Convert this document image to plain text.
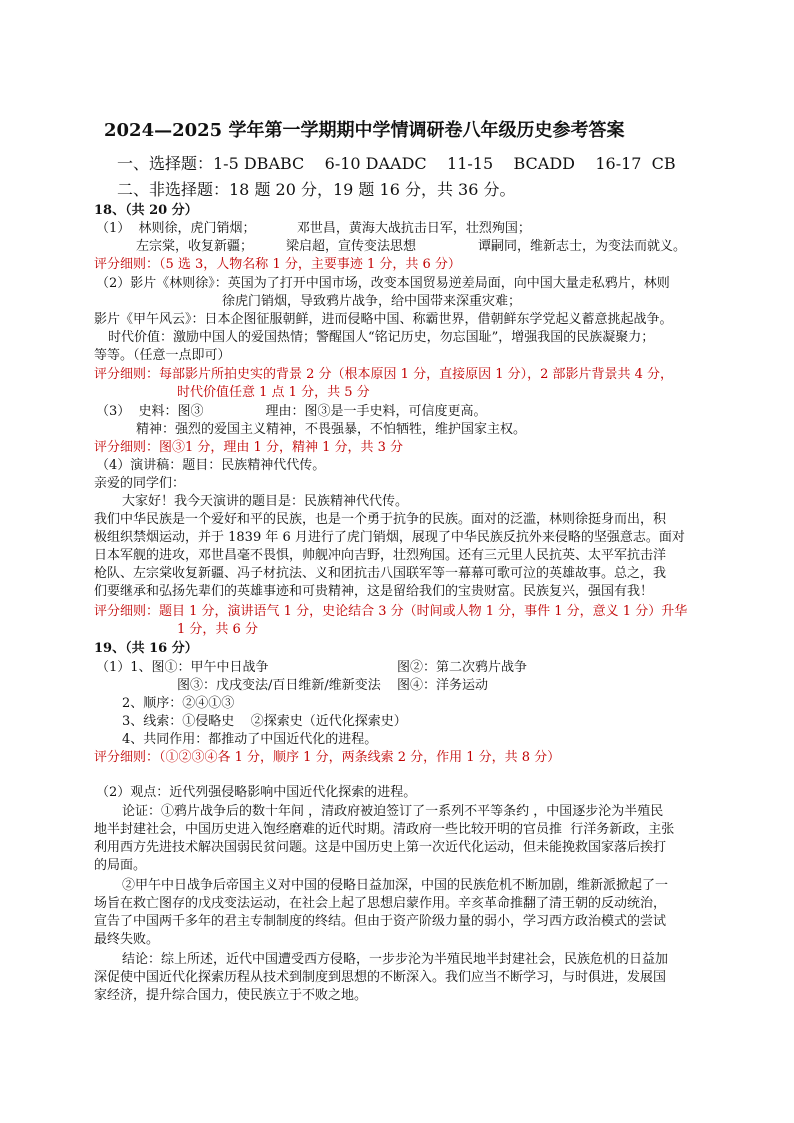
2024—2025 学年第一学期期中学情调研卷八年级历史参考答案
一、选择题：1-5 DBABC    6-10 DAADC    11-15    BCADD    16-17  CB
二、非选择题：18 题 20 分，19 题 16 分，共 36 分。
18、（共 20 分）
（1）  林则徐，虎门销烟；          邓世昌，黄海大战抗击日军，壮烈殉国；
左宗棠，收复新疆；        梁启超，宣传变法思想               谭嗣同，维新志士，为变法而就义。
评分细则：（5 选 3，人物名称 1 分，主要事迹 1 分，共 6 分）
（2）影片《林则徐》：英国为了打开中国市场，改变本国贸易逆差局面，向中国大量走私鸦片，林则
徐虎门销烟，导致鸦片战争，给中国带来深重灾难；
影片《甲午风云》：日本企图征服朝鲜，进而侵略中国、称霸世界，借朝鲜东学党起义蓄意挑起战争。
时代价值：激励中国人的爱国热情；警醒国人“铭记历史，勿忘国耻”，增强我国的民族凝聚力；
等等。（任意一点即可）
评分细则：每部影片所拍史实的背景 2 分（根本原因 1 分，直接原因 1 分），2 部影片背景共 4 分，
时代价值任意 1 点 1 分，共 5 分
（3）  史料：图③               理由：图③是一手史料，可信度更高。
精神：强烈的爱国主义精神，不畏强暴，不怕牺牲，维护国家主权。
评分细则：图③1 分，理由 1 分，精神 1 分，共 3 分
（4）演讲稿：题目：民族精神代代传。
亲爱的同学们：
大家好！我今天演讲的题目是：民族精神代代传。
我们中华民族是一个爱好和平的民族，也是一个勇于抗争的民族。面对的泛滥，林则徐挺身而出，积
极组织禁烟运动，并于 1839 年 6 月进行了虎门销烟，展现了中华民族反抗外来侵略的坚强意志。面对
日本军舰的进攻，邓世昌毫不畏惧，帅舰冲向吉野，壮烈殉国。还有三元里人民抗英、太平军抗击洋
枪队、左宗棠收复新疆、冯子材抗法、义和团抗击八国联军等一幕幕可歌可泣的英雄故事。总之，我
们要继承和弘扬先辈们的英雄事迹和可贵精神，这是留给我们的宝贵财富。民族复兴，强国有我！
评分细则：题目 1 分，演讲语气 1 分，史论结合 3 分（时间或人物 1 分，事件 1 分，意义 1 分）升华
1 分，共 6 分
19、（共 16 分）
（1）1、图①：甲午中日战争	图②：第二次鸦片战争
图③：戊戌变法/百日维新/维新变法 图④：洋务运动
2、顺序：②④①③
3、线索：①侵略史    ②探索史（近代化探索史）
4、共同作用：都推动了中国近代化的进程。
评分细则：（①②③④各 1 分，顺序 1 分，两条线索 2 分，作用 1 分，共 8 分）
（2）观点：近代列强侵略影响中国近代化探索的进程。
论证：①鸦片战争后的数十年间 ，清政府被迫签订了一系列不平等条约 ，中国逐步沦为半殖民
地半封建社会，中国历史进入饱经磨难的近代时期。清政府一些比较开明的官员推  行洋务新政，主张
利用西方先进技术解决国弱民贫问题。这是中国历史上第一次近代化运动，但未能挽救国家落后挨打
的局面。
②甲午中日战争后帝国主义对中国的侵略日益加深，中国的民族危机不断加剧，维新派掀起了一
场旨在救亡图存的戊戌变法运动，在社会上起了思想启蒙作用。辛亥革命推翻了清王朝的反动统治，
宣告了中国两千多年的君主专制制度的终结。但由于资产阶级力量的弱小，学习西方政治模式的尝试
最终失败。
结论：综上所述，近代中国遭受西方侵略，一步步沦为半殖民地半封建社会，民族危机的日益加
深促使中国近代化探索历程从技术到制度到思想的不断深入。我们应当不断学习，与时俱进，发展国
家经济，提升综合国力，使民族立于不败之地。
